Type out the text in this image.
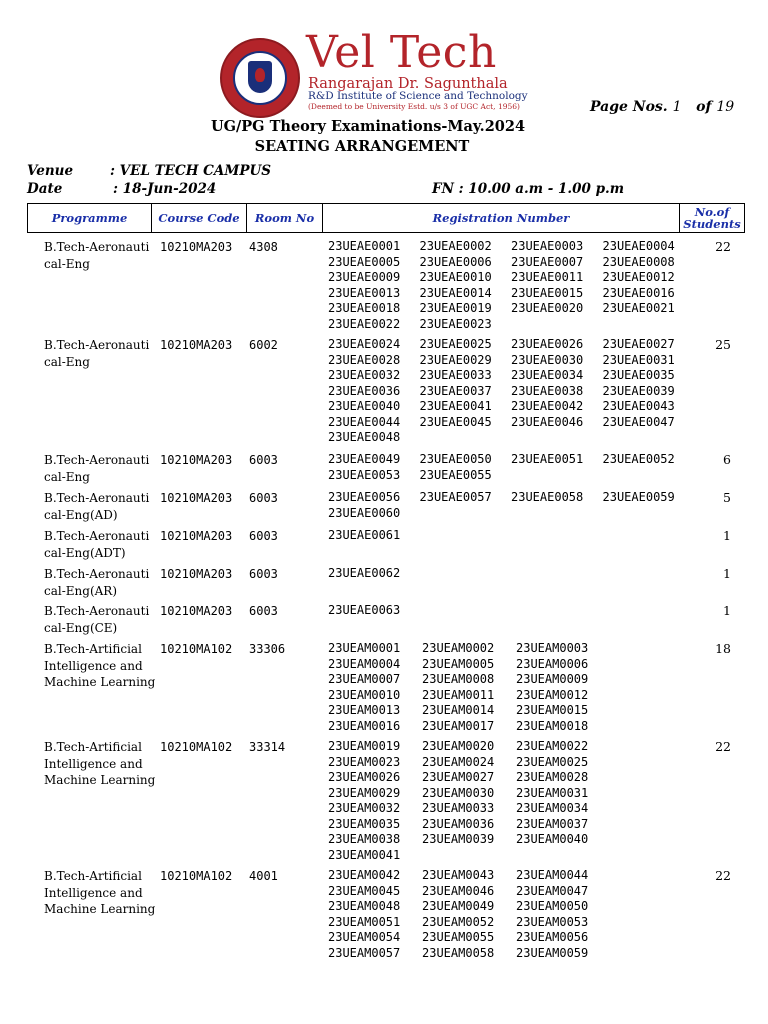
Vel Tech
Rangarajan Dr. Sagunthala
R&D Institute of Science and Technology
(Deemed to be University Estd. u/s 3 of UGC Act, 1956)	Page Nos. 1 of 19
UG/PG Theory Examinations-May.2024
SEATING ARRANGEMENT
Venue	: VEL TECH CAMPUS
Date	: 18-Jun-2024	FN : 10.00 a.m - 1.00 p.m
Programme	Course Code	Room No	Registration Number	No.of Students
B.Tech-Aeronauti
cal-Eng
10210MA203 4308	23UEAE0001	23UEAE0002	23UEAE0003	23UEAE0004
23UEAE0005	23UEAE0006	23UEAE0007	23UEAE0008
23UEAE0009	23UEAE0010	23UEAE0011	23UEAE0012
23UEAE0013	23UEAE0014	23UEAE0015	23UEAE0016
23UEAE0018	23UEAE0019	23UEAE0020	23UEAE0021
23UEAE0022	23UEAE0023
22
B.Tech-Aeronauti
cal-Eng
10210MA203 6002	23UEAE0024	23UEAE0025	23UEAE0026	23UEAE0027
23UEAE0028	23UEAE0029	23UEAE0030	23UEAE0031
23UEAE0032	23UEAE0033	23UEAE0034	23UEAE0035
23UEAE0036	23UEAE0037	23UEAE0038	23UEAE0039
23UEAE0040	23UEAE0041	23UEAE0042	23UEAE0043
23UEAE0044	23UEAE0045	23UEAE0046	23UEAE0047
23UEAE0048
25
B.Tech-Aeronauti
cal-Eng
10210MA203 6003	23UEAE0049	23UEAE0050	23UEAE0051	23UEAE0052
23UEAE0053	23UEAE0055
6
B.Tech-Aeronauti
cal-Eng(AD)
10210MA203 6003	23UEAE0056	23UEAE0057	23UEAE0058	23UEAE0059
23UEAE0060
5
B.Tech-Aeronauti
cal-Eng(ADT)
10210MA203 6003	23UEAE0061	1
B.Tech-Aeronauti
cal-Eng(AR)
10210MA203 6003	23UEAE0062	1
B.Tech-Aeronauti
cal-Eng(CE)
10210MA203 6003	23UEAE0063	1
B.Tech-Artificial
Intelligence and
Machine Learning
10210MA102 33306	23UEAM0001	23UEAM0002	23UEAM0003
23UEAM0004	23UEAM0005	23UEAM0006
23UEAM0007	23UEAM0008	23UEAM0009
23UEAM0010	23UEAM0011	23UEAM0012
23UEAM0013	23UEAM0014	23UEAM0015
23UEAM0016	23UEAM0017	23UEAM0018
18
B.Tech-Artificial
Intelligence and
Machine Learning
10210MA102 33314	23UEAM0019	23UEAM0020	23UEAM0022
23UEAM0023	23UEAM0024	23UEAM0025
23UEAM0026	23UEAM0027	23UEAM0028
23UEAM0029	23UEAM0030	23UEAM0031
23UEAM0032	23UEAM0033	23UEAM0034
23UEAM0035	23UEAM0036	23UEAM0037
23UEAM0038	23UEAM0039	23UEAM0040
23UEAM0041
22
B.Tech-Artificial
Intelligence and
Machine Learning
10210MA102 4001	23UEAM0042	23UEAM0043	23UEAM0044
23UEAM0045	23UEAM0046	23UEAM0047
23UEAM0048	23UEAM0049	23UEAM0050
23UEAM0051	23UEAM0052	23UEAM0053
23UEAM0054	23UEAM0055	23UEAM0056
23UEAM0057	23UEAM0058	23UEAM0059
22
